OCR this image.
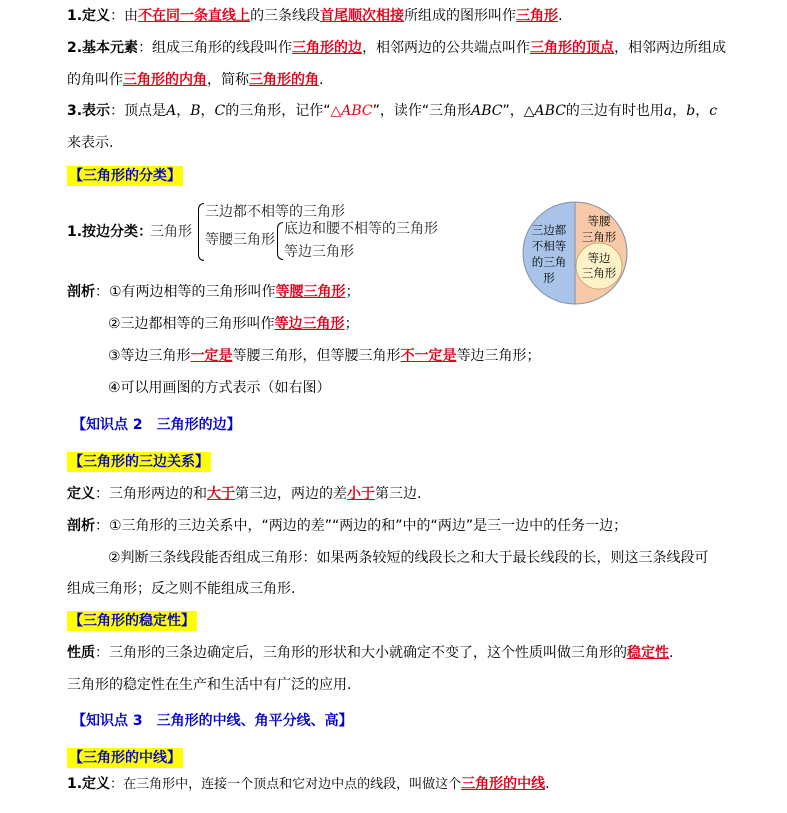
1.定义：由不在同一条直线上的三条线段首尾顺次相接所组成的图形叫作三角形.
2.基本元素：组成三角形的线段叫作三角形的边，相邻两边的公共端点叫作三角形的顶点，相邻两边所组成
的角叫作三角形的内角，简称三角形的角.
3.表示：顶点是A，B，C的三角形，记作“△ABC”，读作“三角形ABC”，△ABC的三边有时也用a，b，c
来表示.
【三角形的分类】
1.按边分类：
三角形
三边都不相等的三角形
等腰三角形
底边和腰不相等的三角形
等边三角形
三边都
不相等
的三角
形
等腰
三角形
等边
三角形
剖析：①有两边相等的三角形叫作等腰三角形；
②三边都相等的三角形叫作等边三角形；
③等边三角形一定是等腰三角形，但等腰三角形不一定是等边三角形；
④可以用画图的方式表示（如右图）
【知识点 2　三角形的边】
【三角形的三边关系】
定义：三角形两边的和大于第三边，两边的差小于第三边.
剖析：①三角形的三边关系中，“两边的差”“两边的和”中的“两边”是三一边中的任务一边；
②判断三条线段能否组成三角形：如果两条较短的线段长之和大于最长线段的长，则这三条线段可
组成三角形；反之则不能组成三角形.
【三角形的稳定性】
性质：三角形的三条边确定后，三角形的形状和大小就确定不变了，这个性质叫做三角形的稳定性.
三角形的稳定性在生产和生活中有广泛的应用.
【知识点 3　三角形的中线、角平分线、高】
【三角形的中线】
1.定义：在三角形中，连接一个顶点和它对边中点的线段，叫做这个三角形的中线.
